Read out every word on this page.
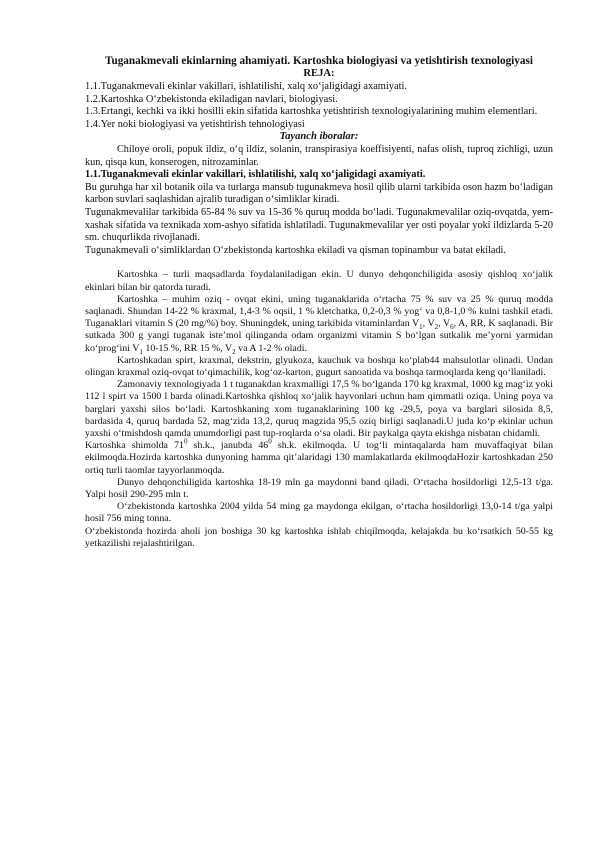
Tuganakmevali ekinlarning ahamiyati. Kartoshka biologiyasi va yetishtirish texnologiyasi

REJA:

1.1.Tuganakmevali ekinlar vakillari, ishlatilishi, xalq xo‘jaligidagi axamiyati.

1.2.Kartoshka O‘zbekistonda ekiladigan navlari, biologiyasi.

1.3.Ertangi, kechki va ikki hosilli ekin sifatida kartoshka yetishtirish texnologiyalarining muhim elementlari.

1.4.Yer noki biologiyasi va yetishtirish tehnologiyasi

Tayanch iboralar:

Chiloye oroli, popuk ildiz, o‘q ildiz, solanin, transpirasiya koeffisiyenti, nafas olish, tuproq zichligi, uzun kun, qisqa kun, konserogen, nitrozaminlar.

1.1.Tuganakmevali ekinlar vakillari, ishlatilishi, xalq xo‘jaligidagi axamiyati.

Bu guruhga har xil botanik oila va turlarga mansub tugunakmeva hosil qilib ularni tarkibida oson hazm bo‘ladigan karbon suvlari saqlashidan ajralib turadigan o‘simliklar kiradi.

Tugunakmevalilar tarkibida 65-84 % suv va 15-36 % quruq modda bo‘ladi. Tugunakmevalilar oziq-ovqatda, yem-xashak sifatida va texnikada xom-ashyo sifatida ishlatiladi. Tugunakmevalilar yer osti poyalar yoki ildizlarda 5-20 sm. chuqurlikda rivojlanadi.

Tugunakmevali o‘simliklardan O‘zbekistonda kartoshka ekiladi va qisman topinambur va batat ekiladi.

Kartoshka – turli maqsadlarda foydalaniladigan ekin. U dunyo dehqonchiligida asosiy qishloq xo‘jalik ekinlari bilan bir qatorda turadi.

Kartoshka – muhim oziq - ovqat ekini, uning tuganaklarida o‘rtacha 75 % suv va 25 % quruq modda saqlanadi. Shundan 14-22 % kraxmal, 1,4-3 % oqsil, 1 % kletchatka, 0,2-0,3 % yog‘ va 0,8-1,0 % kulni tashkil etadi. Tuganaklari vitamin S (20 mg/%) boy. Shuningdek, uning tarkibida vitaminlardan $V_1$, $V_2$, $V_6$, A, RR, K saqlanadi. Bir sutkada 300 g yangi tuganak iste’mol qilinganda odam organizmi vitamin S bo‘lgan sutkalik me’yorni yarmidan ko‘prog‘ini $V_1$ 10-15 %, RR 15 %, $V_2$ va A 1-2 % oladi.

Kartoshkadan spirt, kraxmal, dekstrin, glyukoza, kauchuk va boshqa ko‘plab44 mahsulotlar olinadi. Undan olingan kraxmal oziq-ovqat to‘qimachilik, kog‘oz-karton, gugurt sanoatida va boshqa tarmoqlarda keng qo‘llaniladi.

Zamonaviy texnologiyada 1 t tuganakdan kraxmalligi 17,5 % bo‘lganda 170 kg kraxmal, 1000 kg mag‘iz yoki 112 l spirt va 1500 l barda olinadi.Kartoshka qishloq xo‘jalik hayvonlari uchun ham qimmatli oziqa. Uning poya va barglari yaxshi silos bo‘ladi. Kartoshkaning xom tuganaklarining 100 kg -29,5, poya va barglari silosida 8,5, bardasida 4, quruq bardada 52, mag‘zida 13,2, quruq magzida 95,5 oziq birligi saqlanadi.U juda ko‘p ekinlar uchun yaxshi o‘tmishdosh qamda unumdorligi past tup-roqlarda o‘sa oladi. Bir paykalga qayta ekishga nisbatan chidamli.

Kartoshka shimolda $71^0$ sh.k., janubda $46^0$ sh.k. ekilmoqda. U tog‘li mintaqalarda ham muvaffaqiyat bilan ekilmoqda.Hozirda kartoshka dunyoning hamma qit’alaridagi 130 mamlakatlarda ekilmoqdaHozir kartoshkadan 250 ortiq turli taomlar tayyorlanmoqda.

Dunyo dehqonchiligida kartoshka 18-19 mln ga maydonni band qiladi. O‘rtacha hosildorligi 12,5-13 t/ga. Yalpi hosil 290-295 mln t.

O‘zbekistonda kartoshka 2004 yilda 54 ming ga maydonga ekilgan, o‘rtacha hosildorligi 13,0-14 t/ga yalpi hosil 756 ming tonna.

O‘zbekistonda hozirda aholi jon boshiga 30 kg kartoshka ishlab chiqilmoqda, kelajakda bu ko‘rsatkich 50-55 kg yetkazilishi rejalashtirilgan.
